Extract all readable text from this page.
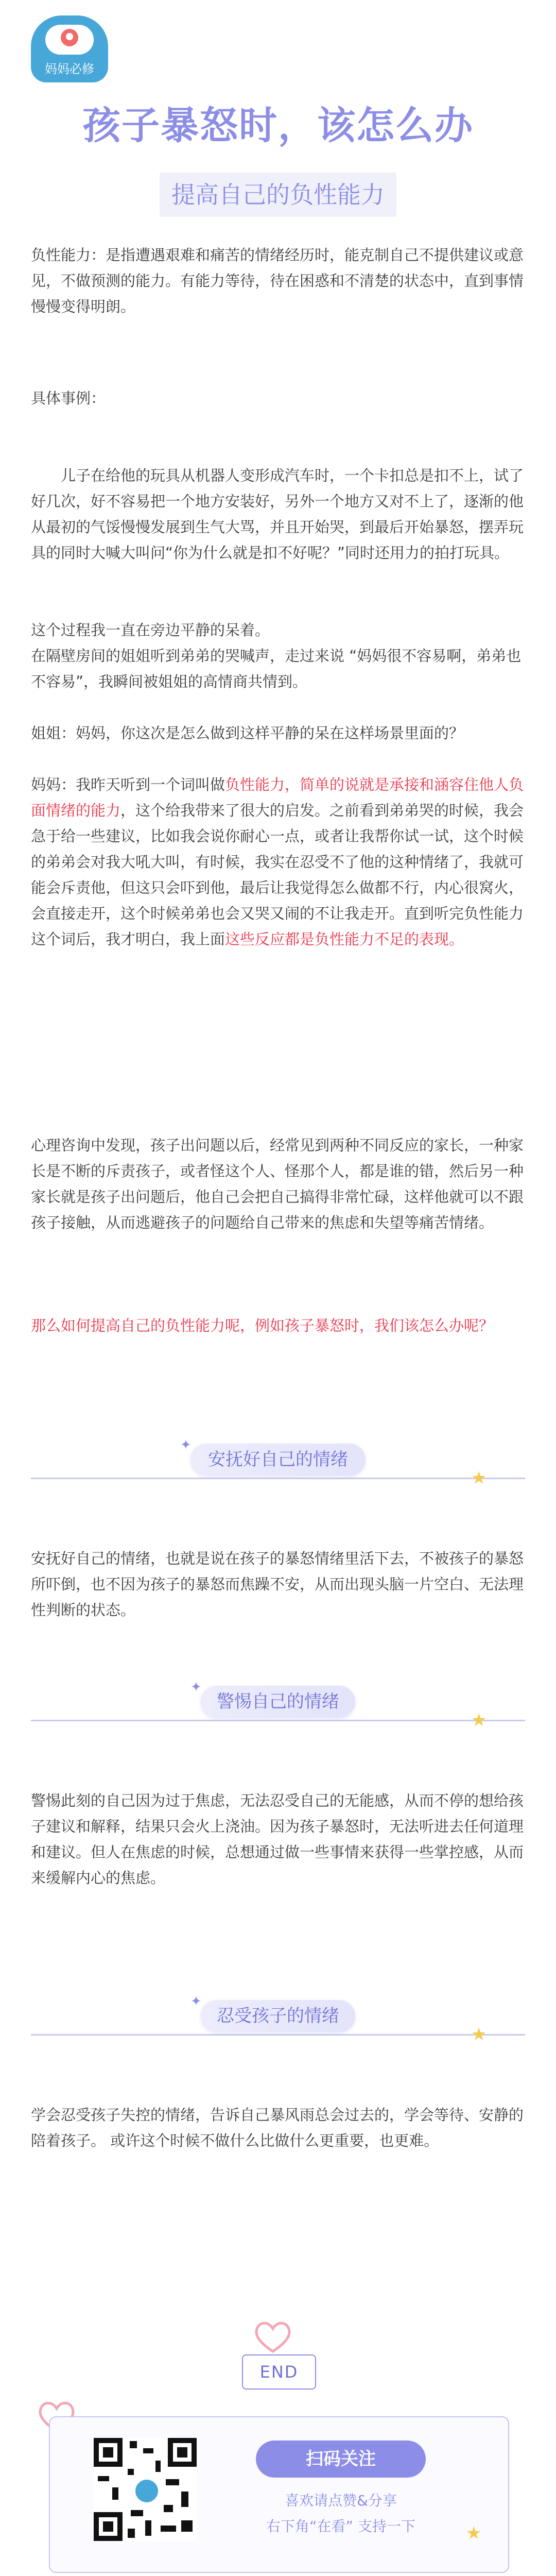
妈妈必修
孩子暴怒时，该怎么办
提高自己的负性能力

负性能力：是指遭遇艰难和痛苦的情绪经历时，能克制自己不提供建议或意见，不做预测的能力。有能力等待，待在困惑和不清楚的状态中，直到事情慢慢变得明朗。

具体事例：

儿子在给他的玩具从机器人变形成汽车时，一个卡扣总是扣不上，试了好几次，好不容易把一个地方安装好，另外一个地方又对不上了，逐渐的他从最初的气馁慢慢发展到生气大骂，并且开始哭，到最后开始暴怒，摆弄玩具的同时大喊大叫问“你为什么就是扣不好呢？”同时还用力的拍打玩具。

这个过程我一直在旁边平静的呆着。

在隔壁房间的姐姐听到弟弟的哭喊声，走过来说 “妈妈很不容易啊，弟弟也不容易”，我瞬间被姐姐的高情商共情到。

姐姐：妈妈，你这次是怎么做到这样平静的呆在这样场景里面的？

妈妈：我昨天听到一个词叫做负性能力，简单的说就是承接和涵容住他人负面情绪的能力，这个给我带来了很大的启发。之前看到弟弟哭的时候，我会急于给一些建议，比如我会说你耐心一点，或者让我帮你试一试，这个时候的弟弟会对我大吼大叫，有时候，我实在忍受不了他的这种情绪了，我就可能会斥责他，但这只会吓到他，最后让我觉得怎么做都不行，内心很窝火，会直接走开，这个时候弟弟也会又哭又闹的不让我走开。直到听完负性能力这个词后，我才明白，我上面这些反应都是负性能力不足的表现。

心理咨询中发现，孩子出问题以后，经常见到两种不同反应的家长，一种家长是不断的斥责孩子，或者怪这个人、怪那个人，都是谁的错，然后另一种家长就是孩子出问题后，他自己会把自己搞得非常忙碌，这样他就可以不跟孩子接触，从而逃避孩子的问题给自己带来的焦虑和失望等痛苦情绪。

那么如何提高自己的负性能力呢，例如孩子暴怒时，我们该怎么办呢？

安抚好自己的情绪
✦
★

安抚好自己的情绪，也就是说在孩子的暴怒情绪里活下去，不被孩子的暴怒所吓倒，也不因为孩子的暴怒而焦躁不安，从而出现头脑一片空白、无法理性判断的状态。

警惕自己的情绪
✦
★

警惕此刻的自己因为过于焦虑，无法忍受自己的无能感，从而不停的想给孩子建议和解释，结果只会火上浇油。因为孩子暴怒时，无法听进去任何道理和建议。但人在焦虑的时候，总想通过做一些事情来获得一些掌控感，从而来缓解内心的焦虑。

忍受孩子的情绪
✦
★

学会忍受孩子失控的情绪，告诉自己暴风雨总会过去的，学会等待、安静的陪着孩子。 或许这个时候不做什么比做什么更重要，也更难。

END
扫码关注
喜欢请点赞&分享
右下角“在看” 支持一下	★
